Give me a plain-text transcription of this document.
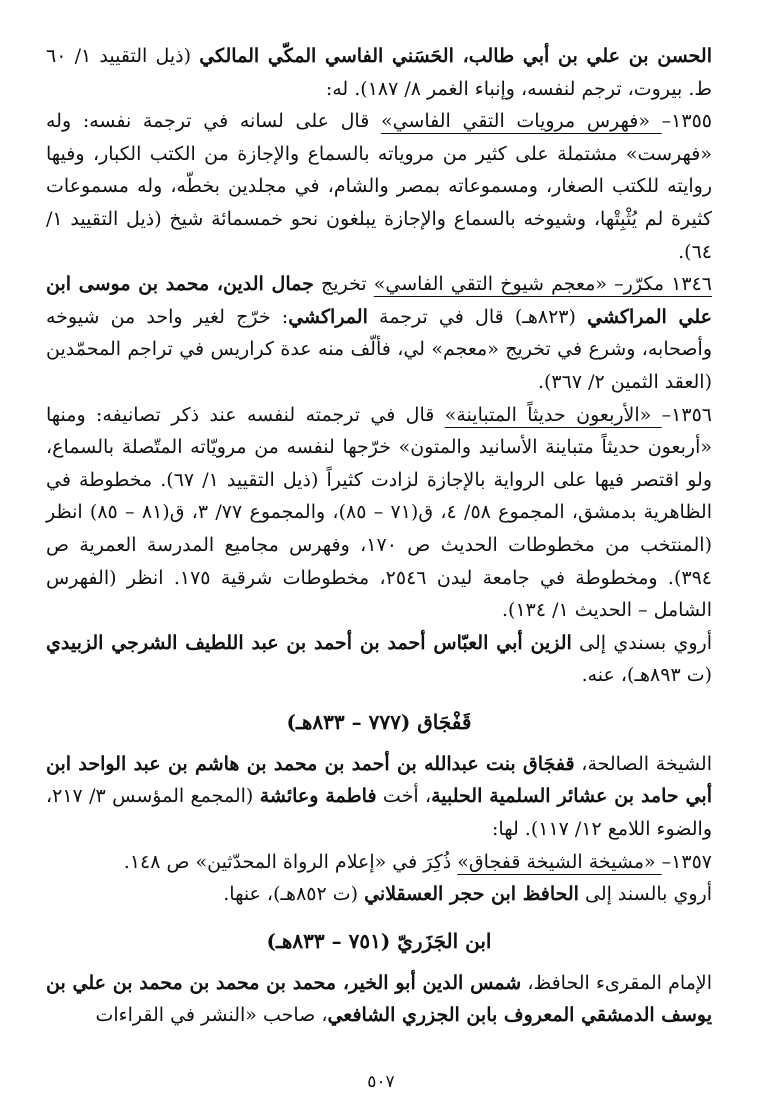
الحسن بن علي بن أبي طالب، الحَسَني الفاسي المكّي المالكي (ذيل التقييد ١/ ٦٠ ط. بيروت، ترجم لنفسه، وإنباء الغمر ٨/ ١٨٧). له:

١٣٥٥– «فهرس مرويات التقي الفاسي» قال على لسانه في ترجمة نفسه: وله «فهرست» مشتملة على كثير من مروياته بالسماع والإجازة من الكتب الكبار، وفيها روايته للكتب الصغار، ومسموعاته بمصر والشام، في مجلدين بخطّه، وله مسموعات كثيرة لم يُثْبِتْها، وشيوخه بالسماع والإجازة يبلغون نحو خمسمائة شيخ (ذيل التقييد ١/ ٦٤).

١٣٤٦ مكرّر– «معجم شيوخ التقي الفاسي» تخريج جمال الدين، محمد بن موسى ابن علي المراكشي (٨٢٣هـ) قال في ترجمة المراكشي: خرّج لغير واحد من شيوخه وأصحابه، وشرع في تخريج «معجم» لي، فألّف منه عدة كراريس في تراجم المحمّدين (العقد الثمين ٢/ ٣٦٧).

١٣٥٦– «الأربعون حديثاً المتباينة» قال في ترجمته لنفسه عند ذكر تصانيفه: ومنها «أربعون حديثاً متباينة الأسانيد والمتون» خرّجها لنفسه من مرويّاته المتّصلة بالسماع، ولو اقتصر فيها على الرواية بالإجازة لزادت كثيراً (ذيل التقييد ١/ ٦٧). مخطوطة في الظاهرية بدمشق، المجموع ٥٨/ ٤، ق(٧١ – ٨٥)، والمجموع ٧٧/ ٣، ق(٨١ – ٨٥) انظر (المنتخب من مخطوطات الحديث ص ١٧٠، وفهرس مجاميع المدرسة العمرية ص ٣٩٤). ومخطوطة في جامعة ليدن ٢٥٤٦، مخطوطات شرقية ١٧٥. انظر (الفهرس الشامل – الحديث ١/ ١٣٤).

أروي بسندي إلى الزين أبي العبّاس أحمد بن أحمد بن عبد اللطيف الشرجي الزبيدي (ت ٨٩٣هـ)، عنه.

قَفْجَاق (٧٧٧ – ٨٣٣هـ)

الشيخة الصالحة، قفجَاق بنت عبدالله بن أحمد بن محمد بن هاشم بن عبد الواحد ابن أبي حامد بن عشائر السلمية الحلبية، أخت فاطمة وعائشة (المجمع المؤسس ٣/ ٢١٧، والضوء اللامع ١٢/ ١١٧). لها:

١٣٥٧– «مشيخة الشيخة قفجاق» ذُكِرَ في «إعلام الرواة المحدّثين» ص ١٤٨.

أروي بالسند إلى الحافظ ابن حجر العسقلاني (ت ٨٥٢هـ)، عنها.

ابن الجَزَريّ (٧٥١ – ٨٣٣هـ)

الإمام المقرىء الحافظ، شمس الدين أبو الخير، محمد بن محمد بن محمد بن علي بن يوسف الدمشقي المعروف بابن الجزري الشافعي، صاحب «النشر في القراءات

٥٠٧
